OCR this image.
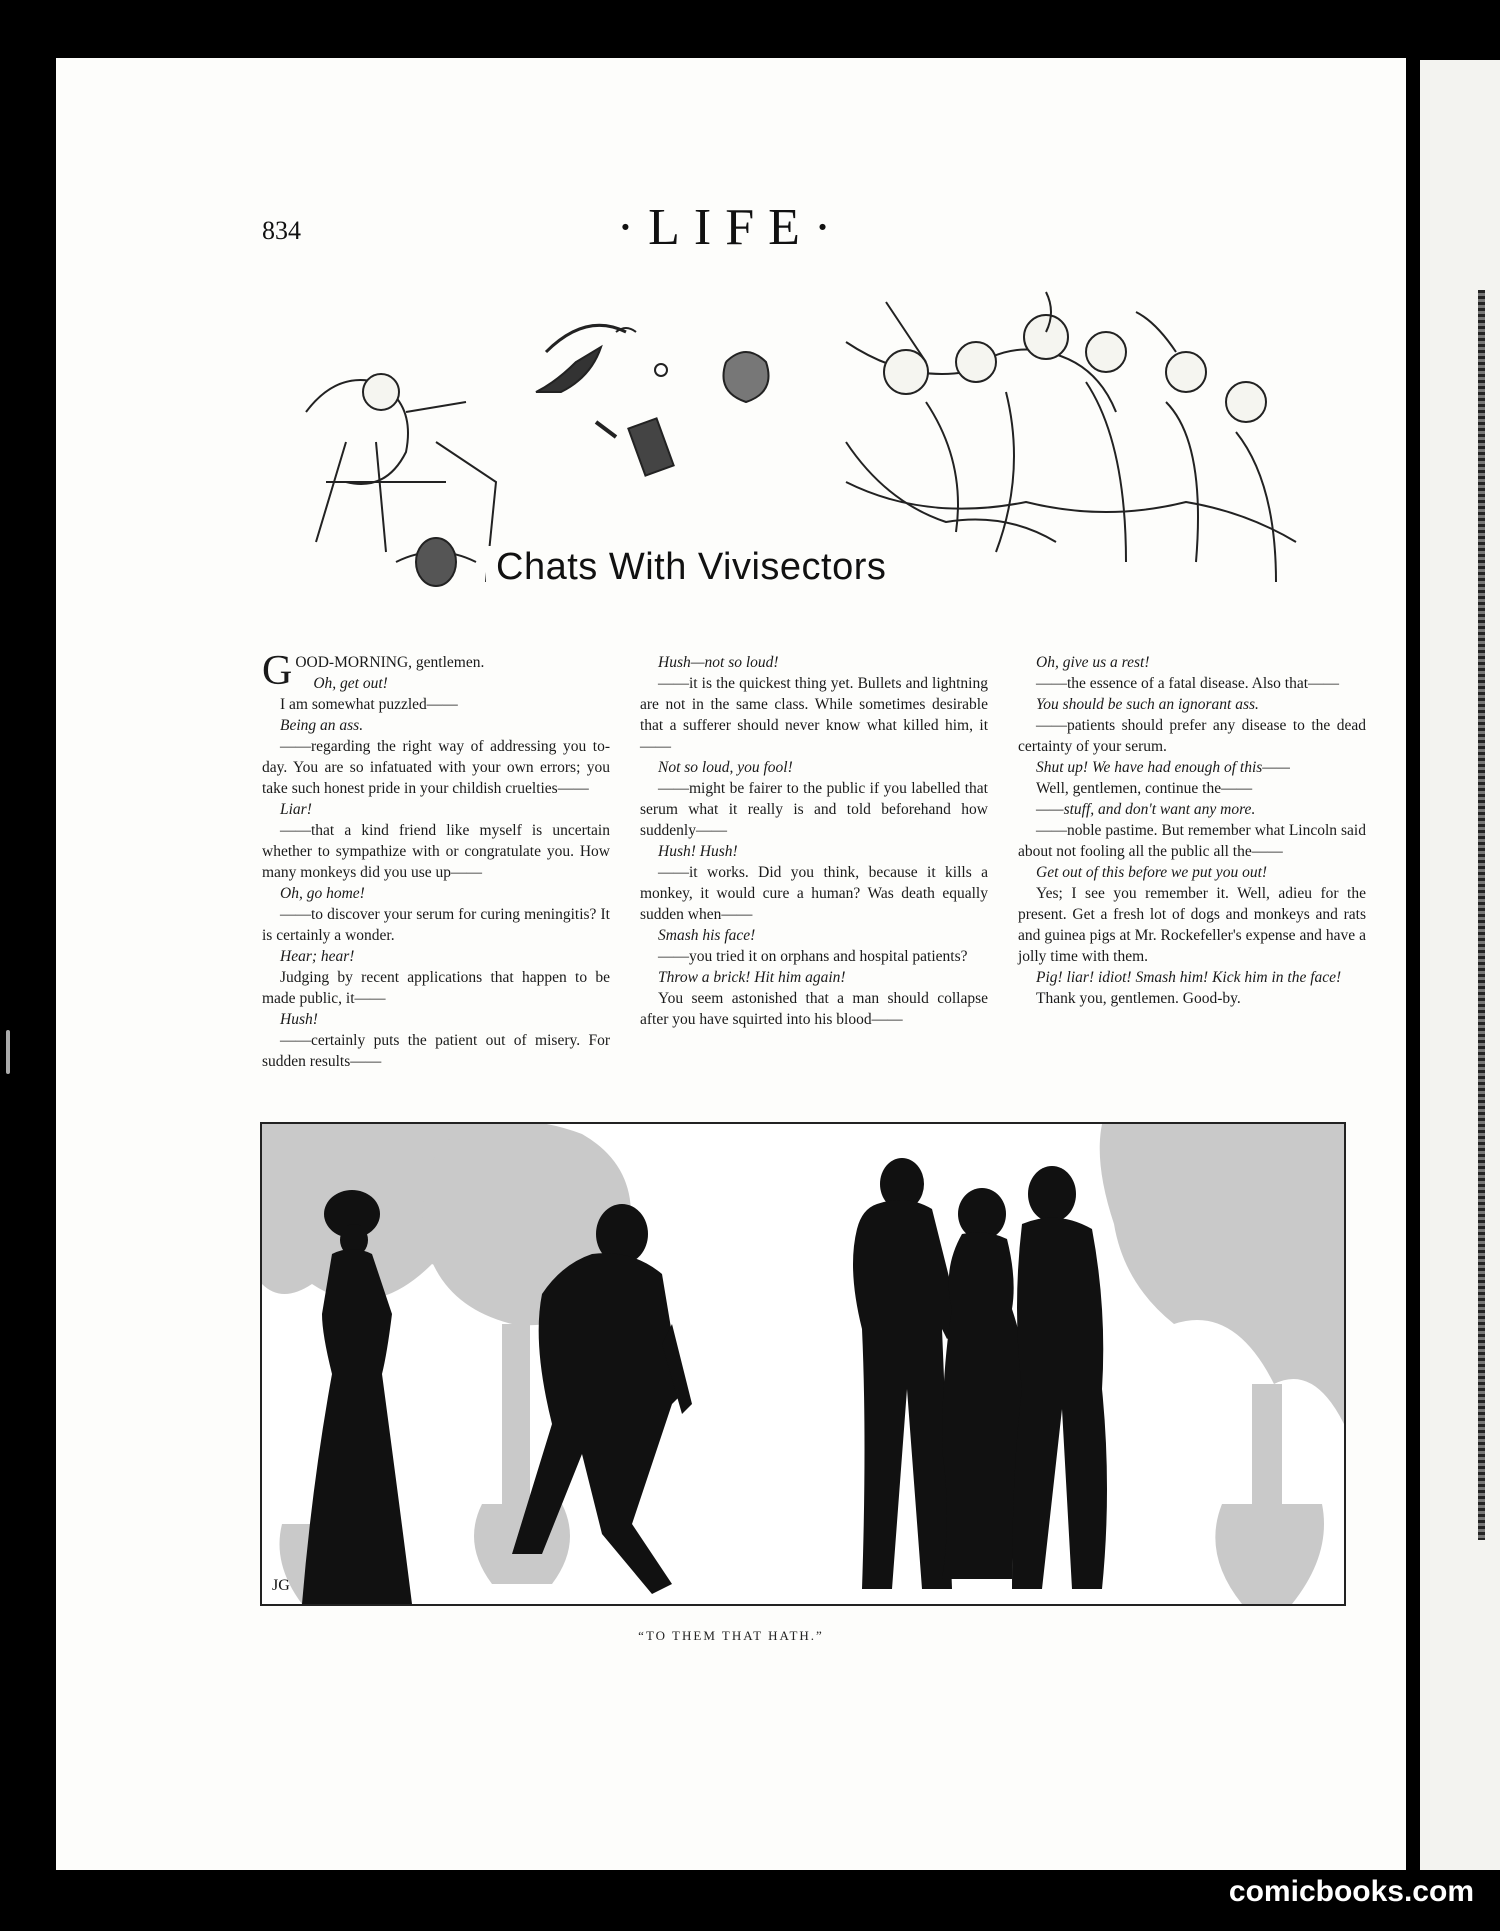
834	·LIFE·
Chats With Vivisectors

GOOD-MORNING, gentlemen.

Oh, get out!

I am somewhat puzzled——

Being an ass.

——regarding the right way of addressing you to-day. You are so infatuated with your own errors; you take such honest pride in your childish cruelties——

Liar!

——that a kind friend like myself is uncertain whether to sympathize with or congratulate you. How many monkeys did you use up——

Oh, go home!

——to discover your serum for curing meningitis? It is certainly a wonder.

Hear; hear!

Judging by recent applications that happen to be made public, it——

Hush!

——certainly puts the patient out of misery. For sudden results——

Hush—not so loud!

——it is the quickest thing yet. Bullets and lightning are not in the same class. While sometimes desirable that a sufferer should never know what killed him, it——

Not so loud, you fool!

——might be fairer to the public if you labelled that serum what it really is and told beforehand how suddenly——

Hush! Hush!

——it works. Did you think, because it kills a monkey, it would cure a human? Was death equally sudden when——

Smash his face!

——you tried it on orphans and hospital patients?

Throw a brick! Hit him again!

You seem astonished that a man should collapse after you have squirted into his blood——

Oh, give us a rest!

——the essence of a fatal disease. Also that——

You should be such an ignorant ass.

——patients should prefer any disease to the dead certainty of your serum.

Shut up! We have had enough of this——

Well, gentlemen, continue the——

——stuff, and don't want any more.

——noble pastime. But remember what Lincoln said about not fooling all the public all the——

Get out of this before we put you out!

Yes; I see you remember it. Well, adieu for the present. Get a fresh lot of dogs and monkeys and rats and guinea pigs at Mr. Rockefeller's expense and have a jolly time with them.

Pig! liar! idiot! Smash him! Kick him in the face!

Thank you, gentlemen. Good-by.

JG
“TO THEM THAT HATH.”
comicbooks.com
